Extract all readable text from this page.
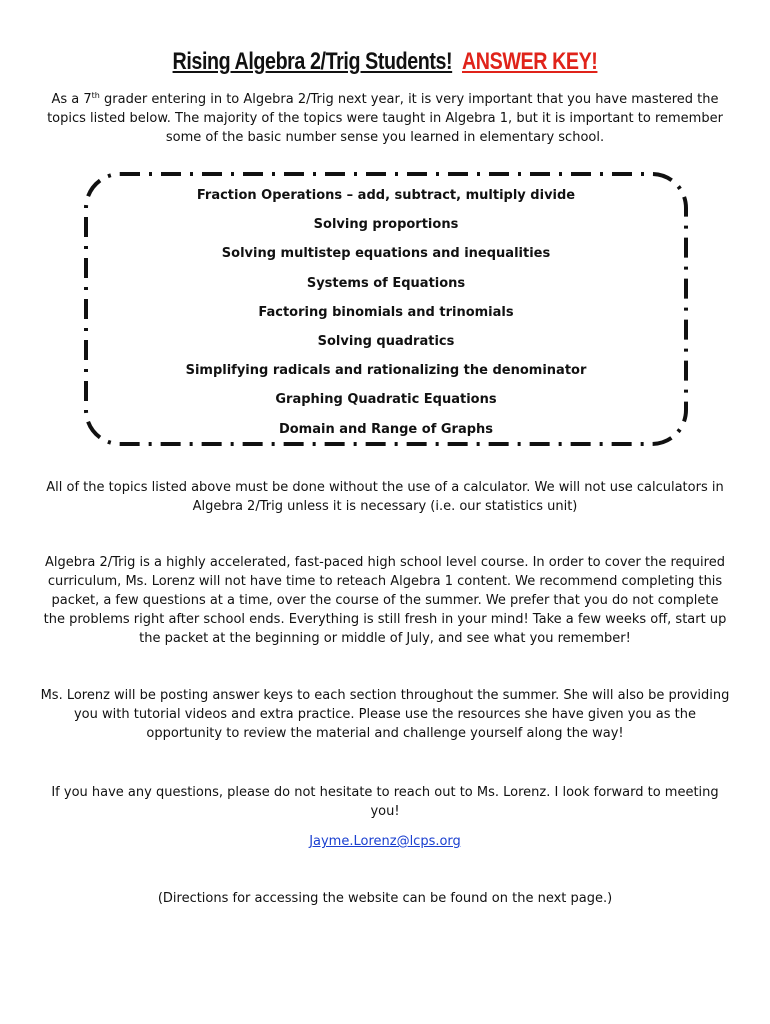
Rising Algebra 2/Trig Students! ANSWER KEY!

As a 7th grader entering in to Algebra 2/Trig next year, it is very important that you have mastered the topics listed below. The majority of the topics were taught in Algebra 1, but it is important to remember some of the basic number sense you learned in elementary school.

Fraction Operations – add, subtract, multiply divide
Solving proportions
Solving multistep equations and inequalities
Systems of Equations
Factoring binomials and trinomials
Solving quadratics
Simplifying radicals and rationalizing the denominator
Graphing Quadratic Equations
Domain and Range of Graphs

All of the topics listed above must be done without the use of a calculator. We will not use calculators in Algebra 2/Trig unless it is necessary (i.e. our statistics unit)

Algebra 2/Trig is a highly accelerated, fast-paced high school level course. In order to cover the required curriculum, Ms. Lorenz will not have time to reteach Algebra 1 content. We recommend completing this packet, a few questions at a time, over the course of the summer. We prefer that you do not complete the problems right after school ends. Everything is still fresh in your mind! Take a few weeks off, start up the packet at the beginning or middle of July, and see what you remember!

Ms. Lorenz will be posting answer keys to each section throughout the summer. She will also be providing you with tutorial videos and extra practice. Please use the resources she have given you as the opportunity to review the material and challenge yourself along the way!

If you have any questions, please do not hesitate to reach out to Ms. Lorenz. I look forward to meeting you!

Jayme.Lorenz@lcps.org

(Directions for accessing the website can be found on the next page.)
